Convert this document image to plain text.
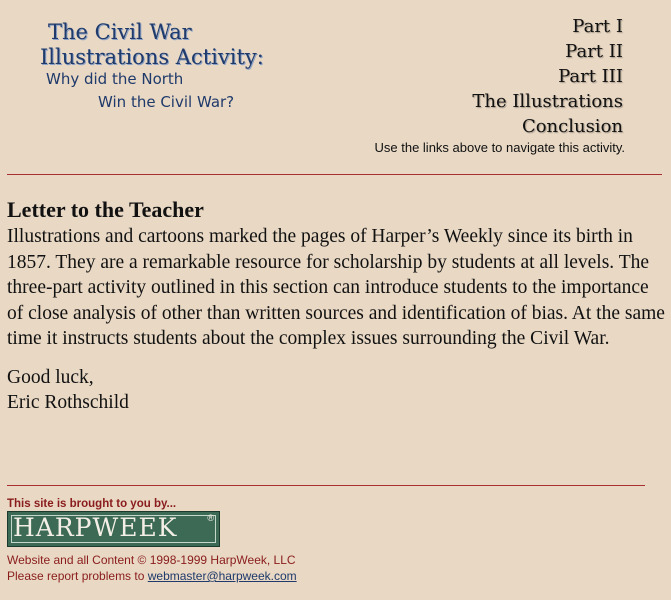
The Civil War
Illustrations Activity:
Why did the North
Win the Civil War?
Part I
Part II
Part III
The Illustrations
Conclusion
Use the links above to navigate this activity.
Letter to the Teacher

Illustrations and cartoons marked the pages of Harper’s Weekly since its birth in 1857. They are a remarkable resource for scholarship by students at all levels. The three-part activity outlined in this section can introduce students to the importance of close analysis of other than written sources and identification of bias. At the same time it instructs students about the complex issues surrounding the Civil War.

Good luck,

Eric Rothschild

This site is brought to you by...
HARPWEEK	®
Website and all Content © 1998-1999 HarpWeek, LLC
Please report problems to webmaster@harpweek.com
